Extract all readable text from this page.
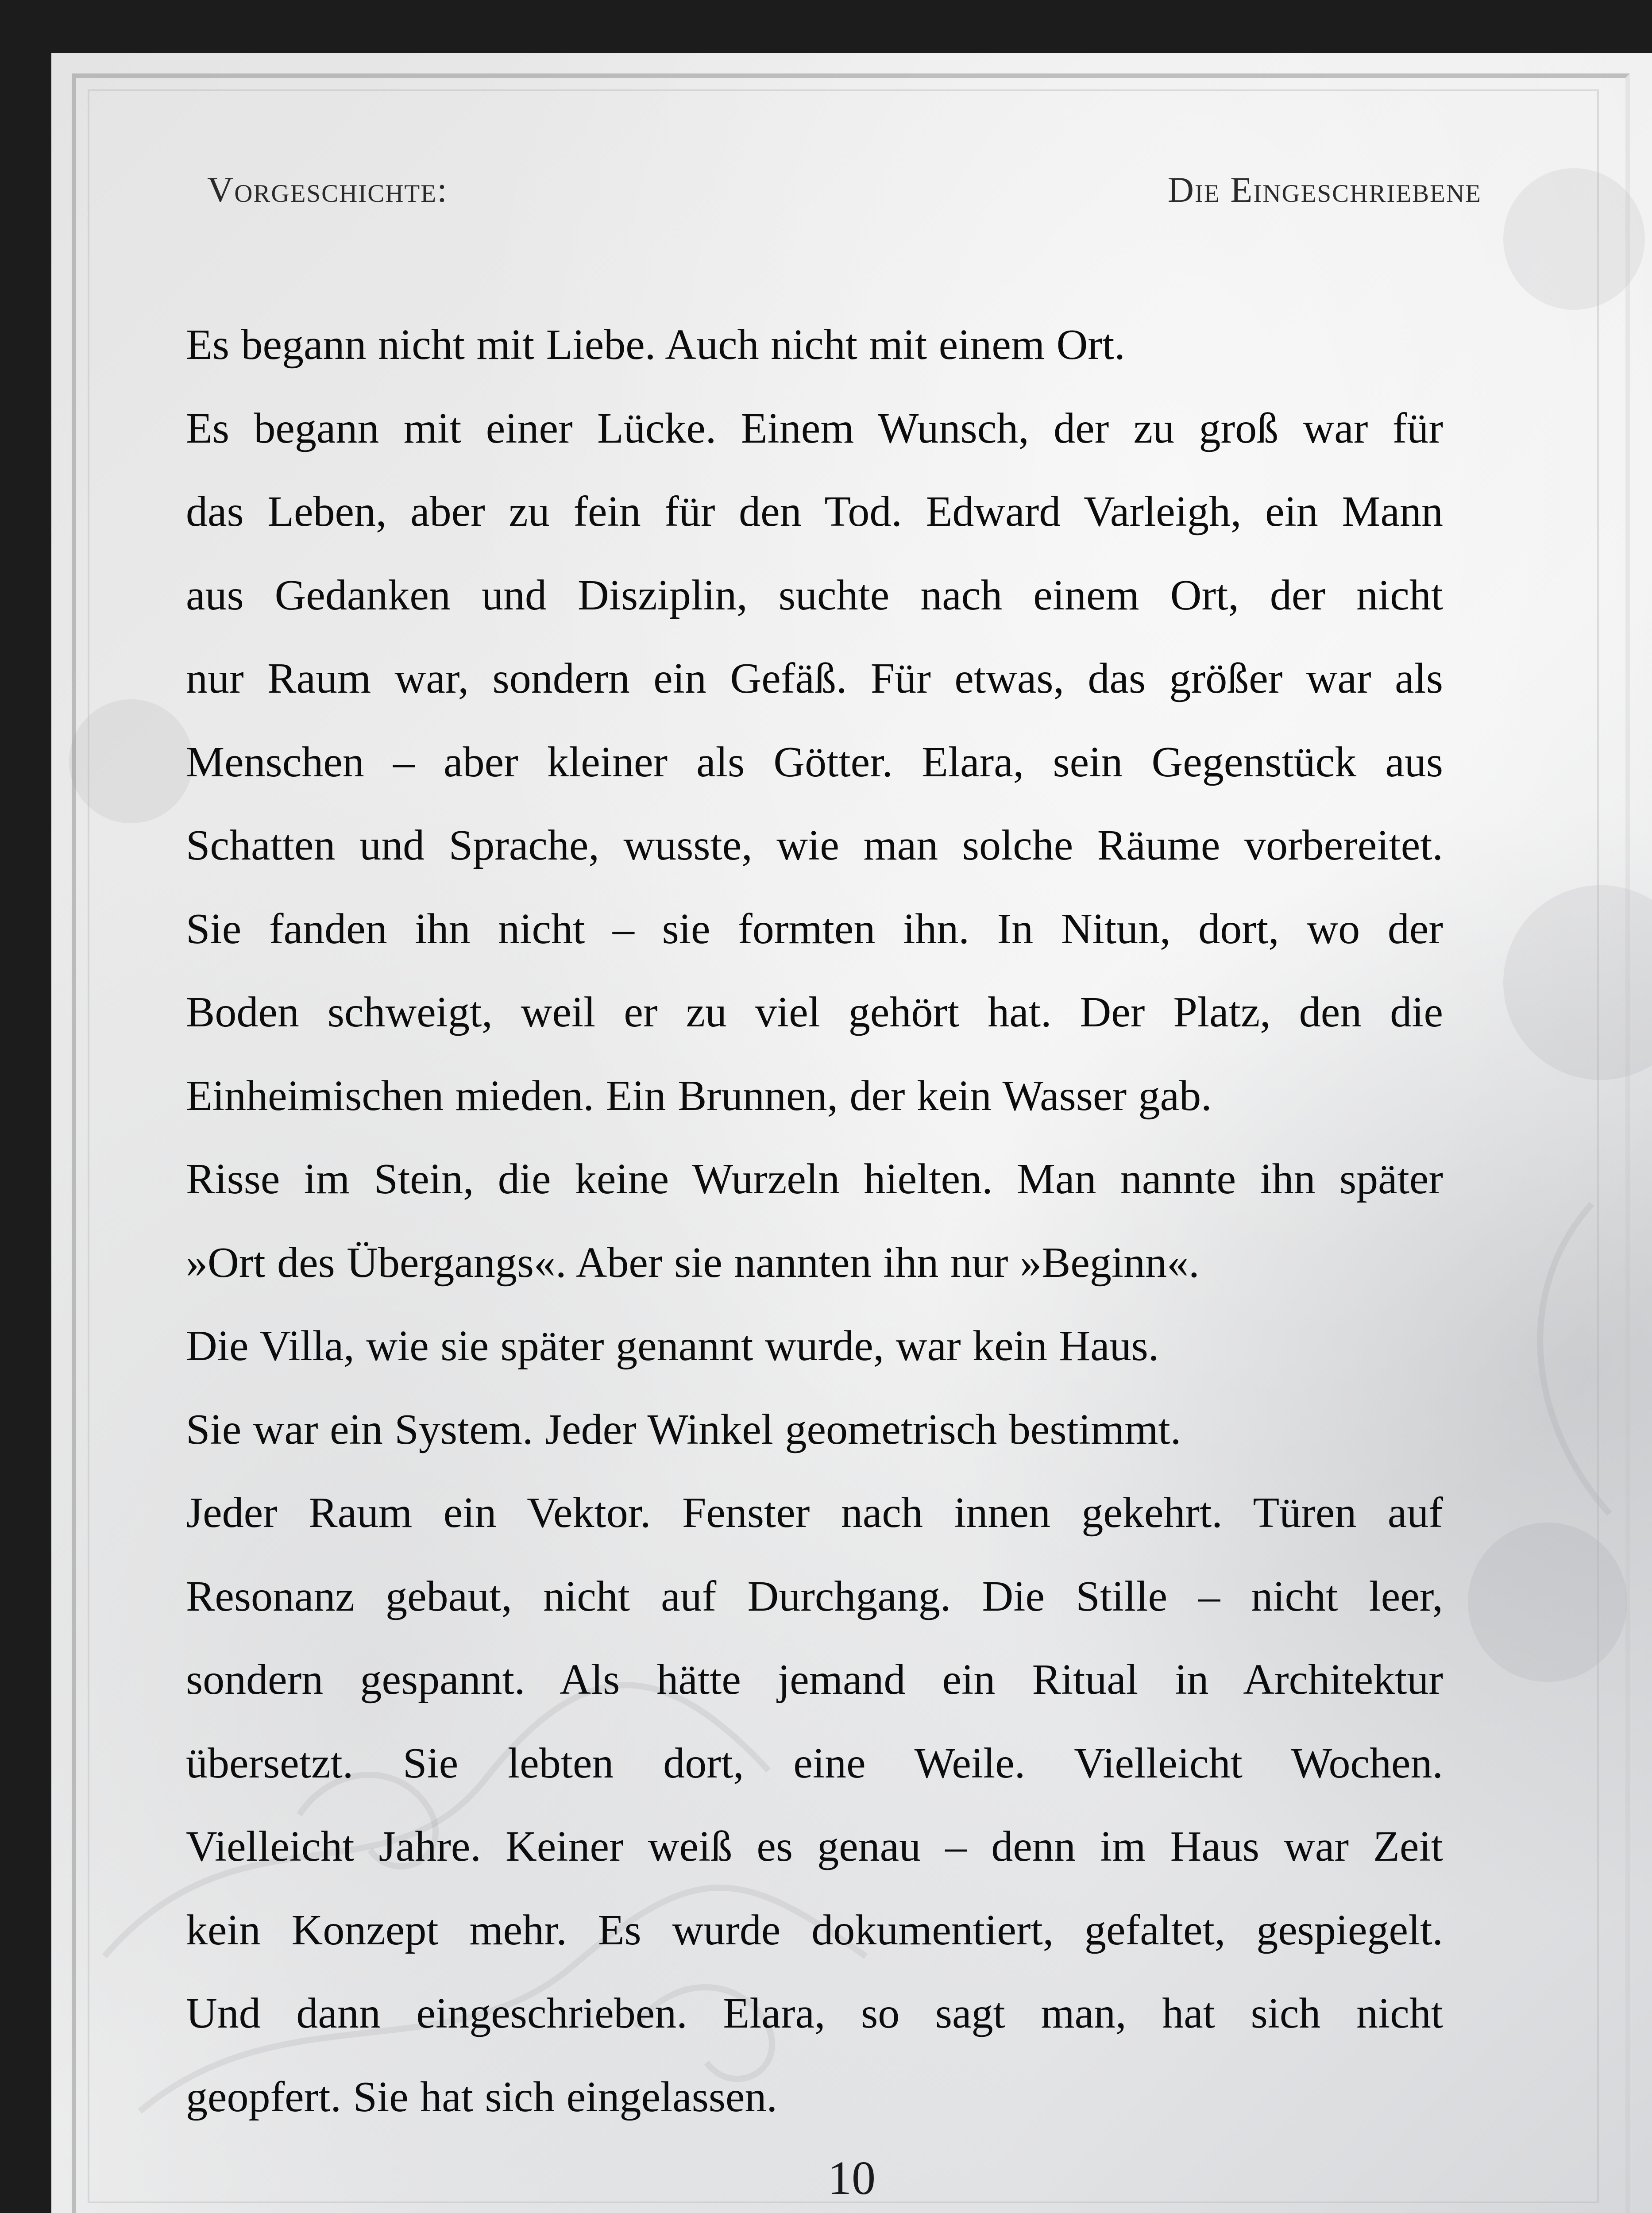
Vorgeschichte:	Die Eingeschriebene
Es begann nicht mit Liebe. Auch nicht mit einem Ort.
Es begann mit einer Lücke. Einem Wunsch, der zu groß war für
das Leben, aber zu fein für den Tod. Edward Varleigh, ein Mann
aus Gedanken und Disziplin, suchte nach einem Ort, der nicht
nur Raum war, sondern ein Gefäß. Für etwas, das größer war als
Menschen – aber kleiner als Götter. Elara, sein Gegenstück aus
Schatten und Sprache, wusste, wie man solche Räume vorbereitet.
Sie fanden ihn nicht – sie formten ihn. In Nitun, dort, wo der
Boden schweigt, weil er zu viel gehört hat. Der Platz, den die
Einheimischen mieden. Ein Brunnen, der kein Wasser gab.
Risse im Stein, die keine Wurzeln hielten. Man nannte ihn später
»Ort des Übergangs«. Aber sie nannten ihn nur »Beginn«.
Die Villa, wie sie später genannt wurde, war kein Haus.
Sie war ein System. Jeder Winkel geometrisch bestimmt.
Jeder Raum ein Vektor. Fenster nach innen gekehrt. Türen auf
Resonanz gebaut, nicht auf Durchgang. Die Stille – nicht leer,
sondern gespannt. Als hätte jemand ein Ritual in Architektur
übersetzt. Sie lebten dort, eine Weile. Vielleicht Wochen.
Vielleicht Jahre. Keiner weiß es genau – denn im Haus war Zeit
kein Konzept mehr. Es wurde dokumentiert, gefaltet, gespiegelt.
Und dann eingeschrieben. Elara, so sagt man, hat sich nicht
geopfert. Sie hat sich eingelassen.
10
